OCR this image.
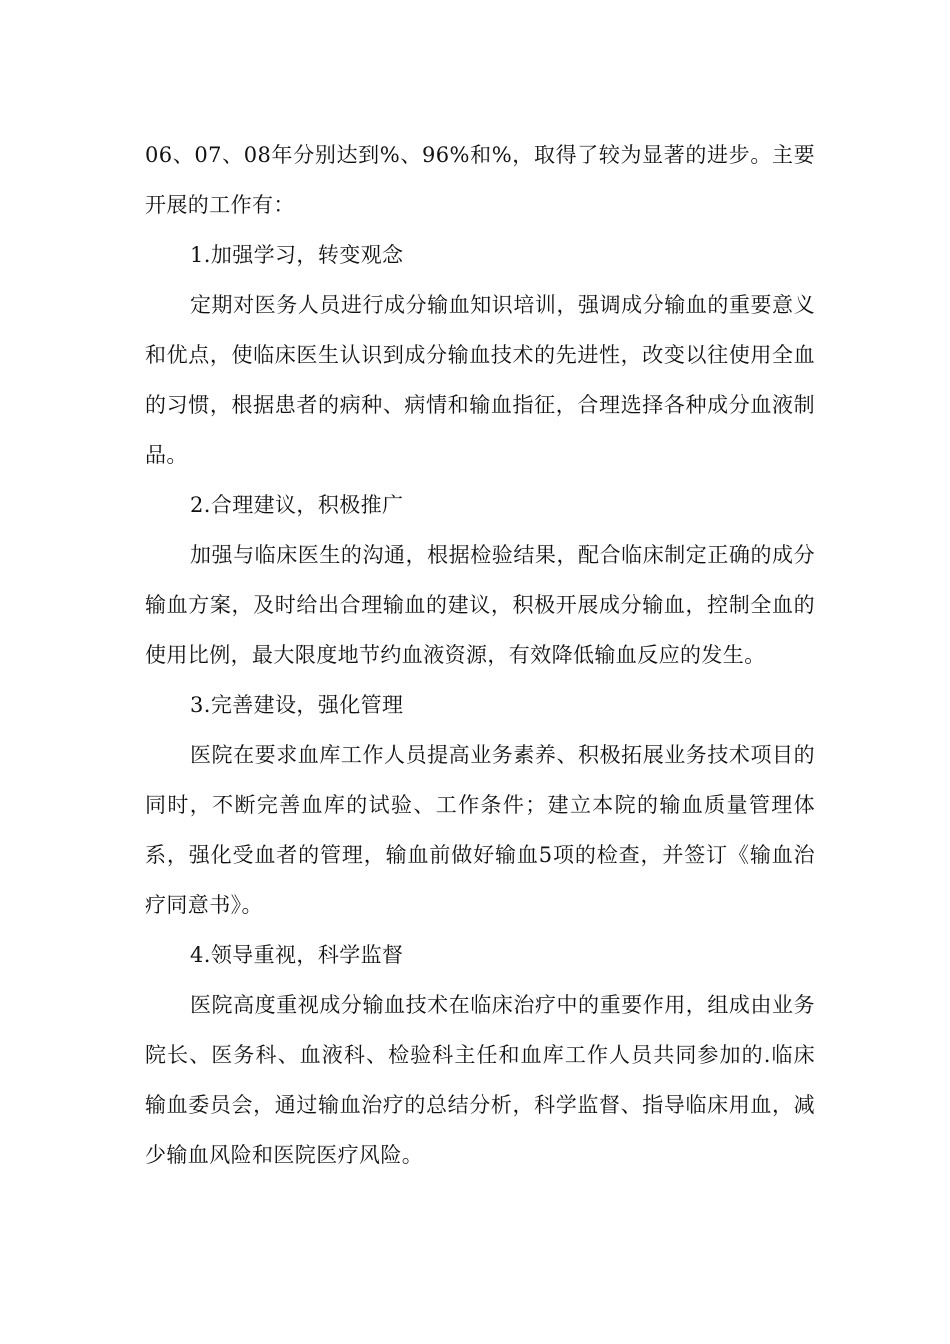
06、07、08年分别达到%、96%和%，取得了较为显著的进步。主要开展的工作有：

1.加强学习，转变观念

定期对医务人员进行成分输血知识培训，强调成分输血的重要意义和优点，使临床医生认识到成分输血技术的先进性，改变以往使用全血的习惯，根据患者的病种、病情和输血指征，合理选择各种成分血液制品。

2.合理建议，积极推广

加强与临床医生的沟通，根据检验结果，配合临床制定正确的成分输血方案，及时给出合理输血的建议，积极开展成分输血，控制全血的使用比例，最大限度地节约血液资源，有效降低输血反应的发生。

3.完善建设，强化管理

医院在要求血库工作人员提高业务素养、积极拓展业务技术项目的同时，不断完善血库的试验、工作条件；建立本院的输血质量管理体系，强化受血者的管理，输血前做好输血5项的检查，并签订《输血治疗同意书》。

4.领导重视，科学监督

医院高度重视成分输血技术在临床治疗中的重要作用，组成由业务院长、医务科、血液科、检验科主任和血库工作人员共同参加的.临床输血委员会，通过输血治疗的总结分析，科学监督、指导临床用血，减少输血风险和医院医疗风险。
